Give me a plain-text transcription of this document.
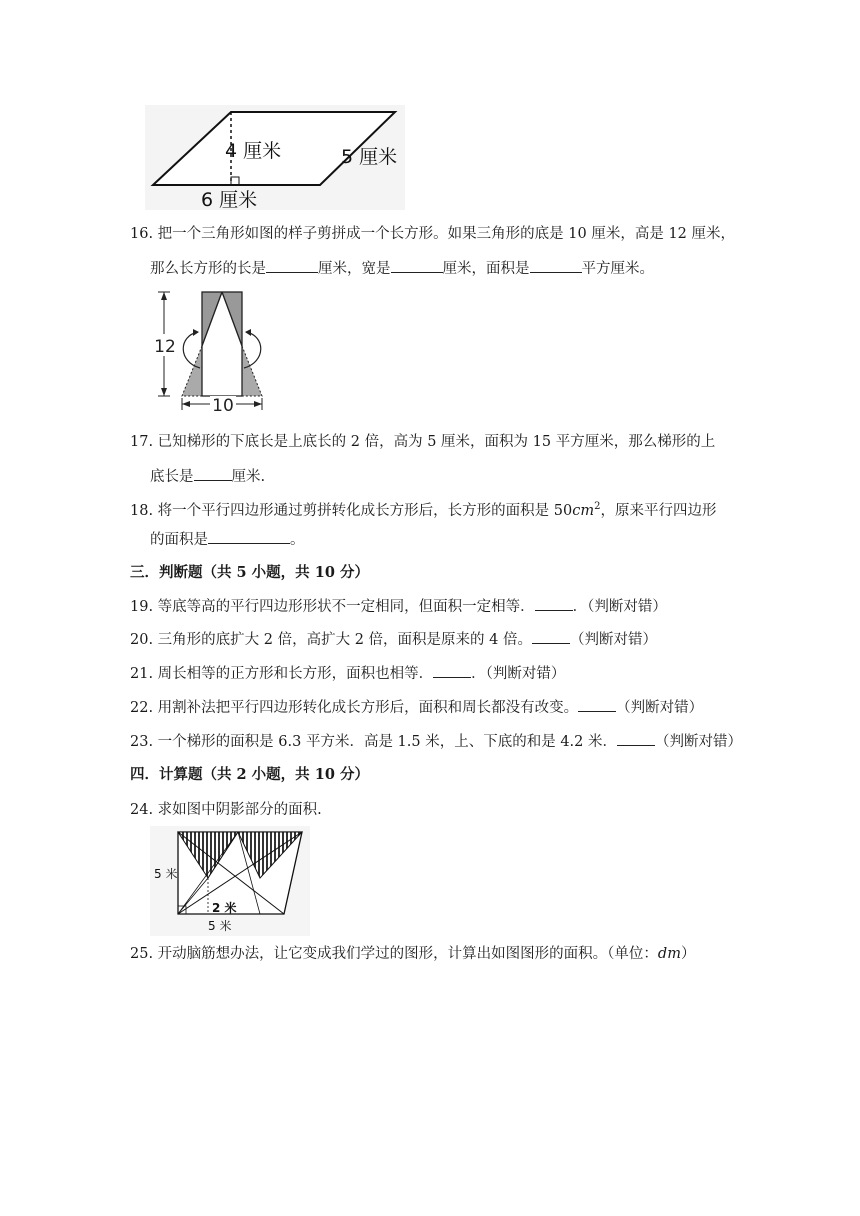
4 厘米	5 厘米
6 厘米
16. 把一个三角形如图的样子剪拼成一个长方形。如果三角形的底是 10 厘米，高是 12 厘米，
那么长方形的长是	厘米，宽是	厘米，面积是	平方厘米。
12
10
17. 已知梯形的下底长是上底长的 2 倍，高为 5 厘米，面积为 15 平方厘米，那么梯形的上
底长是	厘米.
18. 将一个平行四边形通过剪拼转化成长方形后，长方形的面积是 $50cm^2$，原来平行四边形
的面积是	。
三．判断题（共 5 小题，共 10 分）
19. 等底等高的平行四边形形状不一定相同，但面积一定相等．	．（判断对错）
20. 三角形的底扩大 2 倍，高扩大 2 倍，面积是原来的 4 倍。	（判断对错）
21. 周长相等的正方形和长方形，面积也相等．	．（判断对错）
22. 用割补法把平行四边形转化成长方形后，面积和周长都没有改变。	（判断对错）
23. 一个梯形的面积是 6.3 平方米．高是 1.5 米，上、下底的和是 4.2 米．	（判断对错）
四．计算题（共 2 小题，共 10 分）
24. 求如图中阴影部分的面积.
5 米
2 米
5 米
25. 开动脑筋想办法，让它变成我们学过的图形，计算出如图图形的面积。（单位：dm）
